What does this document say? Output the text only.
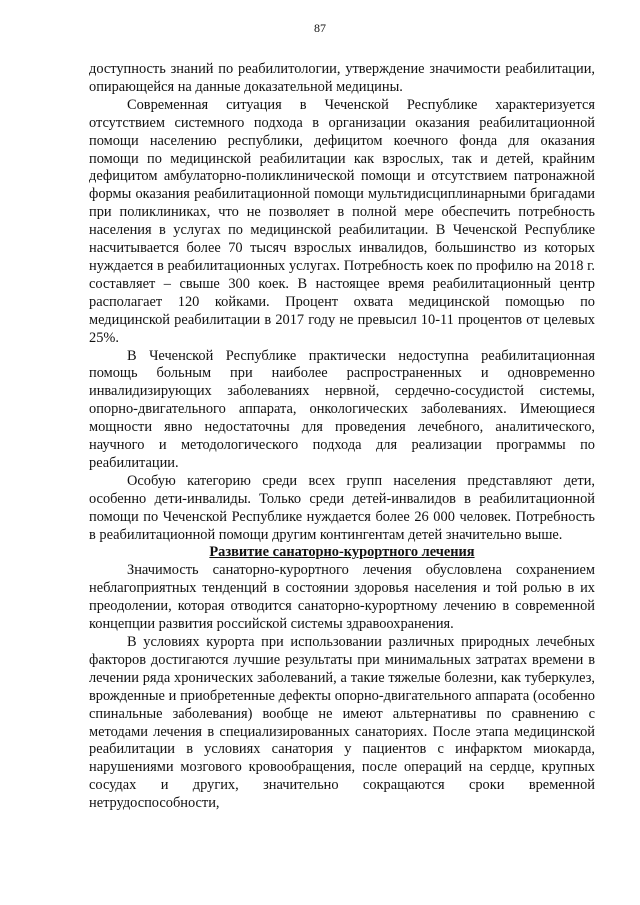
87

доступность знаний по реабилитологии, утверждение значимости реабилитации, опирающейся на данные доказательной медицины.

Современная ситуация в Чеченской Республике характеризуется отсутствием системного подхода в организации оказания реабилитационной помощи населению республики, дефицитом коечного фонда для оказания помощи по медицинской реабилитации как взрослых, так и детей, крайним дефицитом амбулаторно-поликлинической помощи и отсутствием патронажной формы оказания реабилитационной помощи мультидисциплинарными бригадами при поликлиниках, что не позволяет в полной мере обеспечить потребность населения в услугах по медицинской реабилитации. В Чеченской Республике насчитывается более 70 тысяч взрослых инвалидов, большинство из которых нуждается в реабилитационных услугах. Потребность коек по профилю на 2018 г. составляет – свыше 300 коек. В настоящее время реабилитационный центр располагает 120 койками. Процент охвата медицинской помощью по медицинской реабилитации в 2017 году не превысил 10-11 процентов от целевых 25%.

В Чеченской Республике практически недоступна реабилитационная помощь больным при наиболее распространенных и одновременно инвалидизирующих заболеваниях нервной, сердечно-сосудистой системы, опорно-двигательного аппарата, онкологических заболеваниях. Имеющиеся мощности явно недостаточны для проведения лечебного, аналитического, научного и методологического подхода для реализации программы по реабилитации.

Особую категорию среди всех групп населения представляют дети, особенно дети-инвалиды. Только среди детей-инвалидов в реабилитационной помощи по Чеченской Республике нуждается более 26 000 человек. Потребность в реабилитационной помощи другим контингентам детей значительно выше.

Развитие санаторно-курортного лечения

Значимость санаторно-курортного лечения обусловлена сохранением неблагоприятных тенденций в состоянии здоровья населения и той ролью в их преодолении, которая отводится санаторно-курортному лечению в современной концепции развития российской системы здравоохранения.

В условиях курорта при использовании различных природных лечебных факторов достигаются лучшие результаты при минимальных затратах времени в лечении ряда хронических заболеваний, а такие тяжелые болезни, как туберкулез, врожденные и приобретенные дефекты опорно-двигательного аппарата (особенно спинальные заболевания) вообще не имеют альтернативы по сравнению с методами лечения в специализированных санаториях. После этапа медицинской реабилитации в условиях санатория у пациентов с инфарктом миокарда, нарушениями мозгового кровообращения, после операций на сердце, крупных сосудах и других, значительно сокращаются сроки временной нетрудоспособности,
